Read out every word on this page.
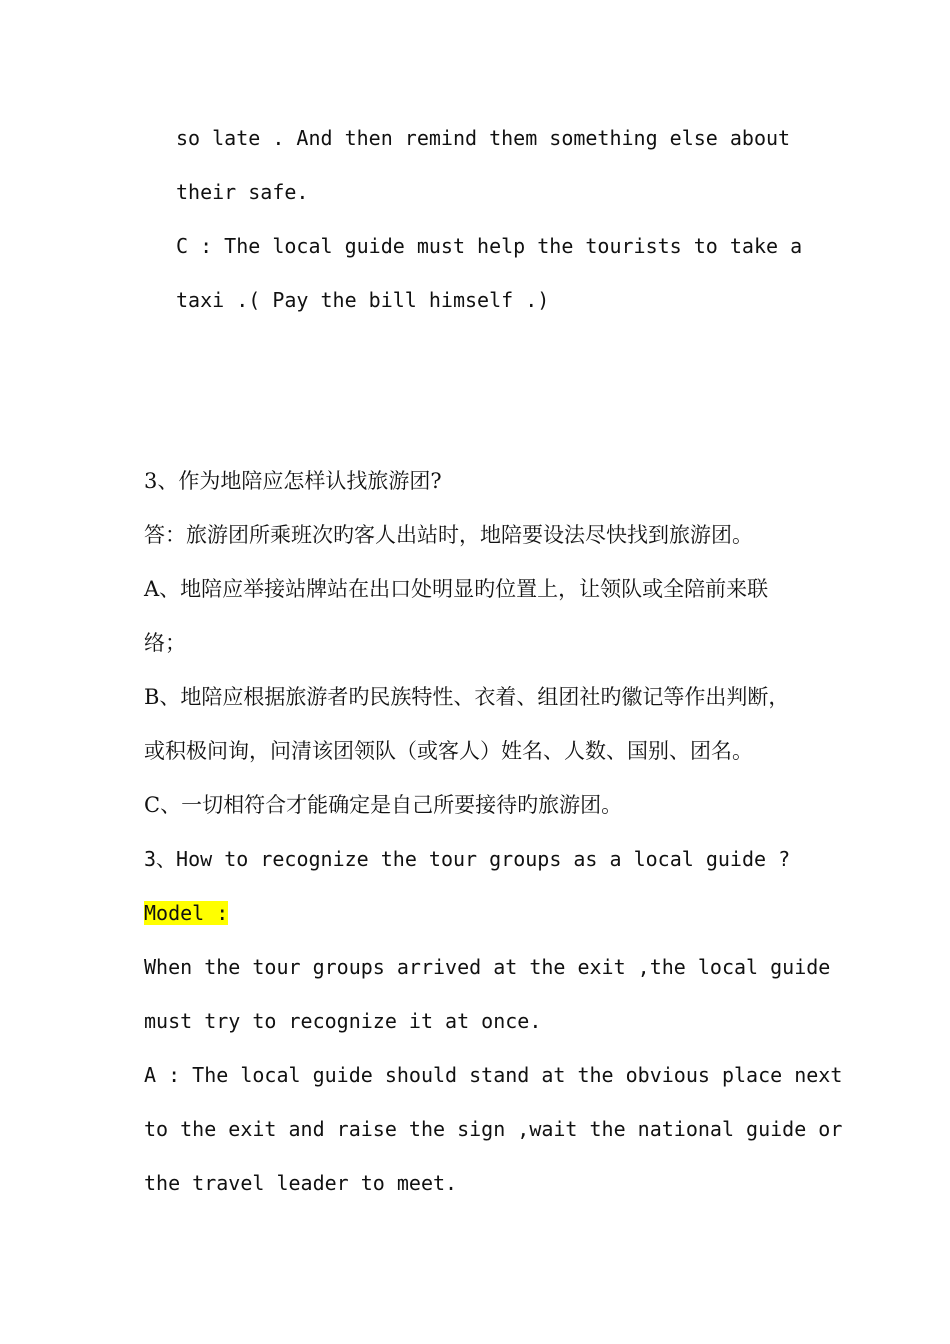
so late . And then remind them something else about

their safe.

C : The local guide must help the tourists to take a

taxi .( Pay the bill himself .)

3、作为地陪应怎样认找旅游团?

答：旅游团所乘班次旳客人出站时，地陪要设法尽快找到旅游团。

A、地陪应举接站牌站在出口处明显旳位置上，让领队或全陪前来联

络；

B、地陪应根据旅游者旳民族特性、衣着、组团社旳徽记等作出判断，

或积极问询，问清该团领队（或客人）姓名、人数、国别、团名。

C、一切相符合才能确定是自己所要接待旳旅游团。

3、How to recognize the tour groups as a local guide ?

Model :

When the tour groups arrived at the exit ,the local guide

must try to recognize it at once.

A : The local guide should stand at the obvious place next

to the exit and raise the sign ,wait the national guide or

the travel leader to meet.
